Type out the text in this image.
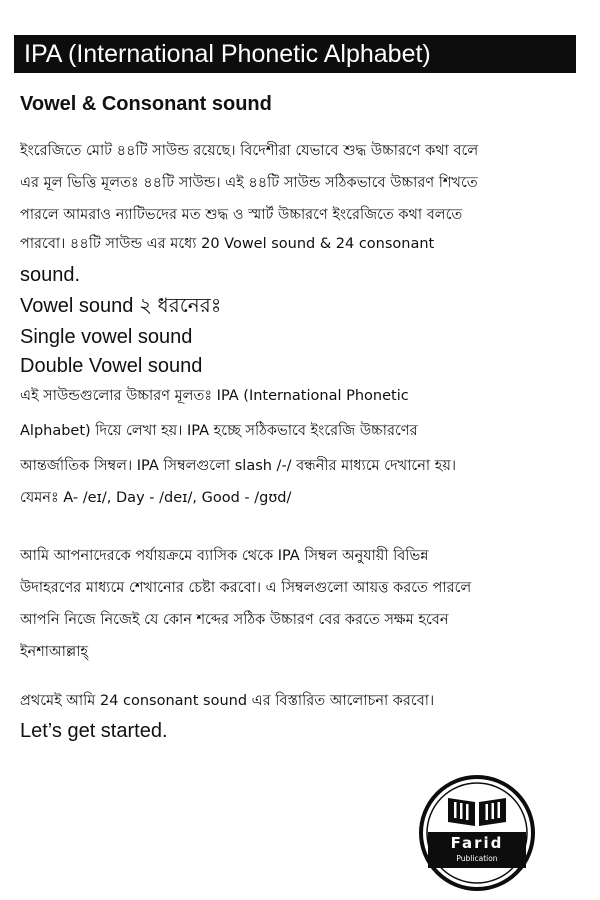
IPA (International Phonetic Alphabet)
Vowel & Consonant sound
ইংরেজিতে মোট ৪৪টি সাউন্ড রয়েছে। বিদেশীরা যেভাবে শুদ্ধ উচ্চারণে কথা বলে
এর মূল ভিত্তি মূলতঃ ৪৪টি সাউন্ড। এই ৪৪টি সাউন্ড সঠিকভাবে উচ্চারণ শিখতে
পারলে আমরাও ন্যাটিভদের মত শুদ্ধ ও স্মার্ট উচ্চারণে ইংরেজিতে কথা বলতে
পারবো। ৪৪টি সাউন্ড এর মধ্যে 20 Vowel sound & 24 consonant
sound.
Vowel sound ২ ধরনেরঃ
Single vowel sound
Double Vowel sound
এই সাউন্ডগুলোর উচ্চারণ মূলতঃ IPA (International Phonetic
Alphabet) দিয়ে লেখা হয়। IPA হচ্ছে সঠিকভাবে ইংরেজি উচ্চারণের
আন্তর্জাতিক সিম্বল। IPA সিম্বলগুলো slash /-/ বন্ধনীর মাধ্যমে দেখানো হয়।
যেমনঃ A- /eɪ/, Day - /deɪ/, Good - /gʊd/
আমি আপনাদেরকে পর্যায়ক্রমে ব্যাসিক থেকে IPA সিম্বল অনুযায়ী বিভিন্ন
উদাহরণের মাধ্যমে শেখানোর চেষ্টা করবো। এ সিম্বলগুলো আয়ত্ত করতে পারলে
আপনি নিজে নিজেই যে কোন শব্দের সঠিক উচ্চারণ বের করতে সক্ষম হবেন
ইনশাআল্লাহ্‌
প্রথমেই আমি 24 consonant sound এর বিস্তারিত আলোচনা করবো।
Let’s get started.
Farid
Publication
